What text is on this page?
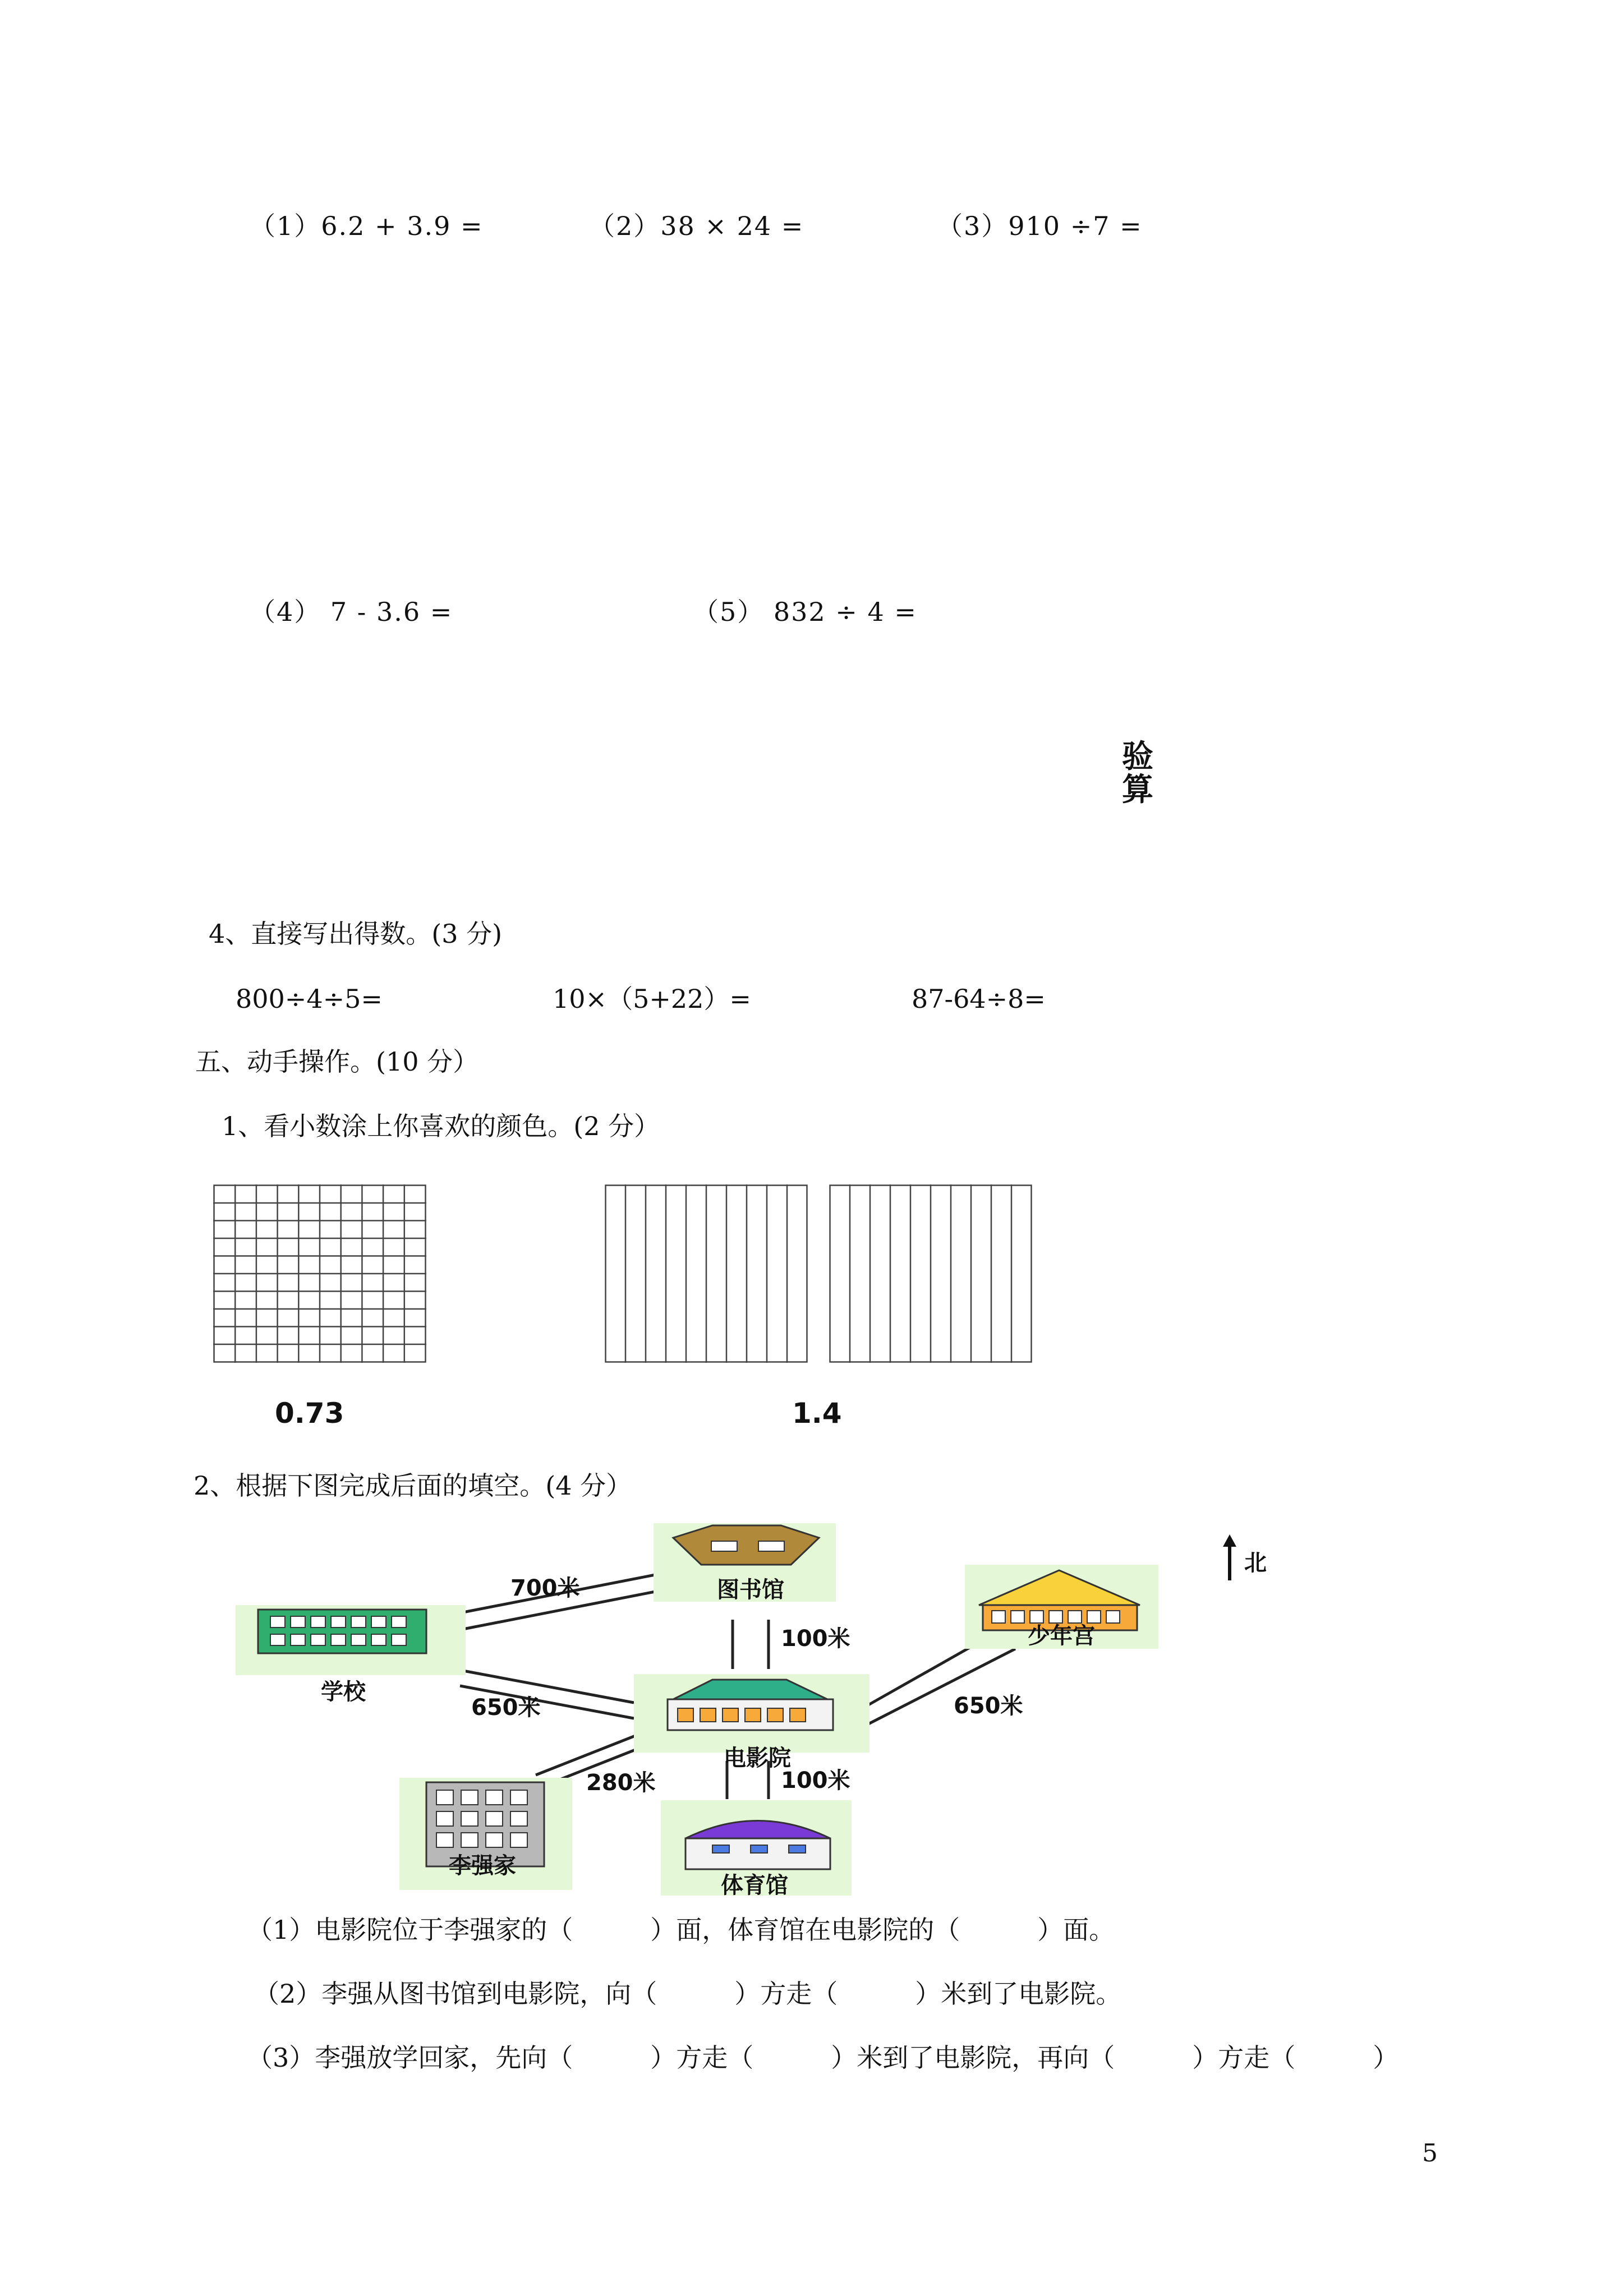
（1）6.2 + 3.9 =	（2）38 × 24 =	（3）910 ÷7 =
（4） 7 - 3.6 =	（5） 832 ÷ 4 =
验
算
4、直接写出得数。(3 分)
800÷4÷5=	10×（5+22）=	87-64÷8=
五、动手操作。(10 分）
1、看小数涂上你喜欢的颜色。(2 分）
0.73	1.4
2、根据下图完成后面的填空。(4 分）
图书馆
学校
电影院
少年宫
李强家
体育馆
700米
100米
650米	650米
280米	100米
北
（1）电影院位于李强家的（　　　）面，体育馆在电影院的（　　　）面。
（2）李强从图书馆到电影院，向（　　　）方走（　　　）米到了电影院。
（3）李强放学回家，先向（　　　）方走（　　　）米到了电影院，再向（　　　）方走（　　　）
5
